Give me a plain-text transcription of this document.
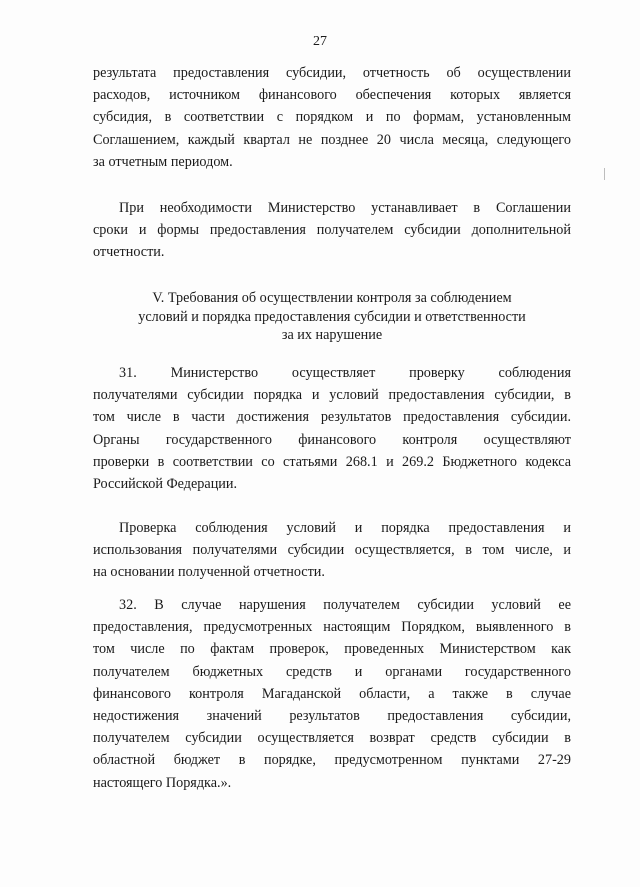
27
результата предоставления субсидии, отчетность об осуществлении
расходов, источником финансового обеспечения которых является
субсидия, в соответствии с порядком и по формам, установленным
Соглашением, каждый квартал не позднее 20 числа месяца, следующего
за отчетным периодом.
При необходимости Министерство устанавливает в Соглашении
сроки и формы предоставления получателем субсидии дополнительной
отчетности.
V. Требования об осуществлении контроля за соблюдением
условий и порядка предоставления субсидии и ответственности
за их нарушение
31. Министерство осуществляет проверку соблюдения
получателями субсидии порядка и условий предоставления субсидии, в
том числе в части достижения результатов предоставления субсидии.
Органы государственного финансового контроля осуществляют
проверки в соответствии со статьями 268.1 и 269.2 Бюджетного кодекса
Российской Федерации.
Проверка соблюдения условий и порядка предоставления и
использования получателями субсидии осуществляется, в том числе, и
на основании полученной отчетности.
32. В случае нарушения получателем субсидии условий ее
предоставления, предусмотренных настоящим Порядком, выявленного в
том числе по фактам проверок, проведенных Министерством как
получателем бюджетных средств и органами государственного
финансового контроля Магаданской области, а также в случае
недостижения значений результатов предоставления субсидии,
получателем субсидии осуществляется возврат средств субсидии в
областной бюджет в порядке, предусмотренном пунктами 27-29
настоящего Порядка.».
